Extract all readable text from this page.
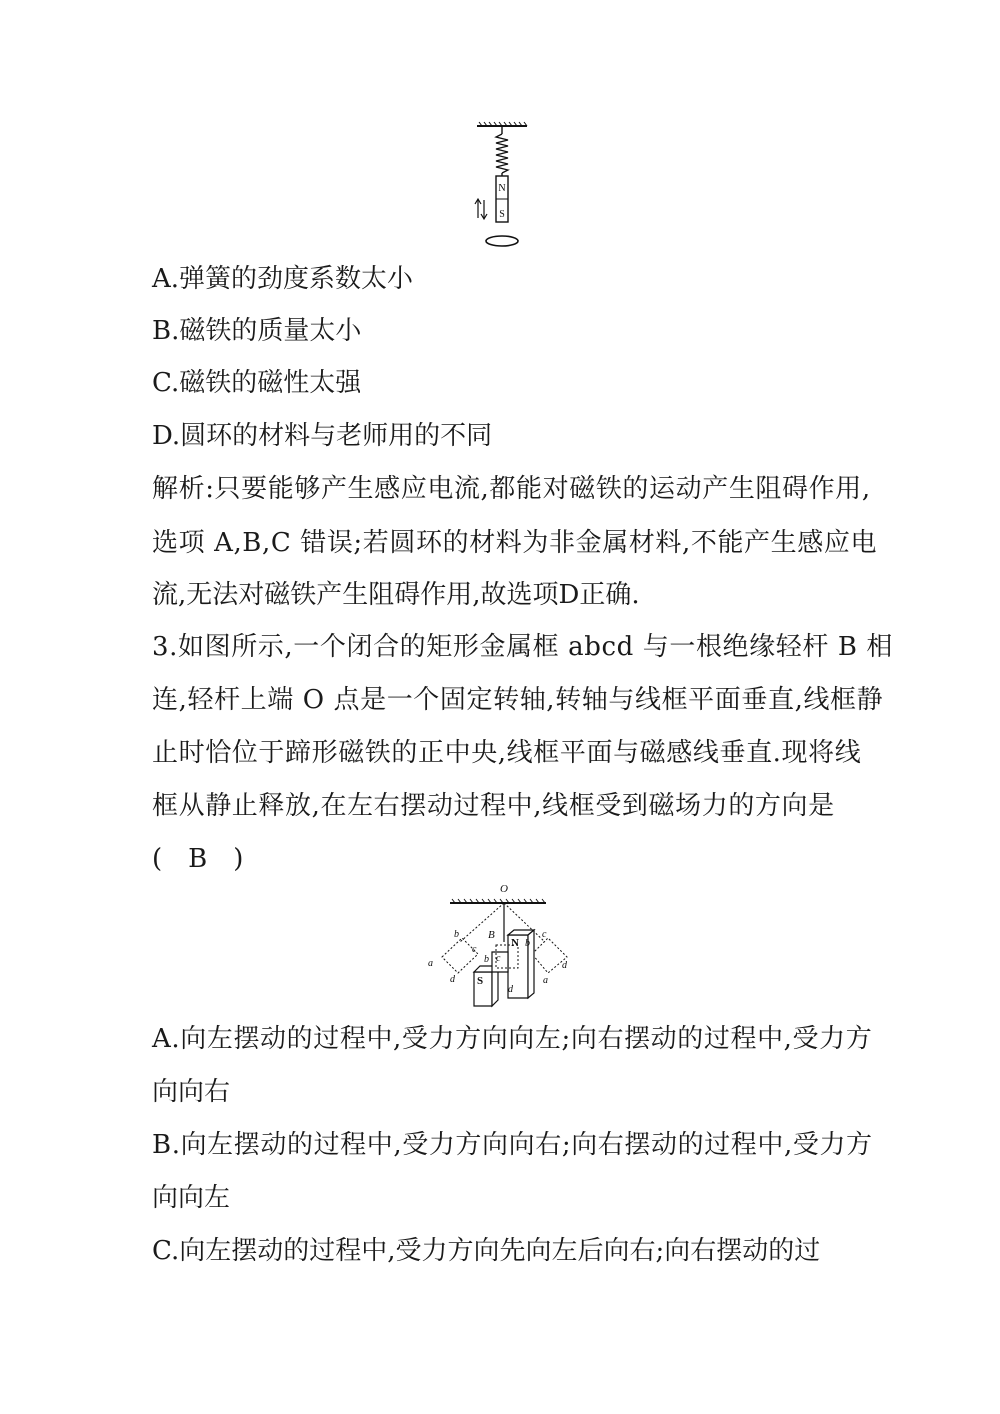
N
S
A.弹簧的劲度系数太小
B.磁铁的质量太小
C.磁铁的磁性太强
D.圆环的材料与老师用的不同
解析:只要能够产生感应电流,都能对磁铁的运动产生阻碍作用,
选项 A,B,C 错误;若圆环的材料为非金属材料,不能产生感应电
流,无法对磁铁产生阻碍作用,故选项D正确.
3.如图所示,一个闭合的矩形金属框 abcd 与一根绝缘轻杆 B 相
连,轻杆上端 O 点是一个固定转轴,转轴与线框平面垂直,线框静
止时恰位于蹄形磁铁的正中央,线框平面与磁感线垂直.现将线
框从静止释放,在左右摆动过程中,线框受到磁场力的方向是
(　B　)
O
N
S
B
a
b
c
d
b c
d
a
b
c
d
A.向左摆动的过程中,受力方向向左;向右摆动的过程中,受力方
向向右
B.向左摆动的过程中,受力方向向右;向右摆动的过程中,受力方
向向左
C.向左摆动的过程中,受力方向先向左后向右;向右摆动的过
